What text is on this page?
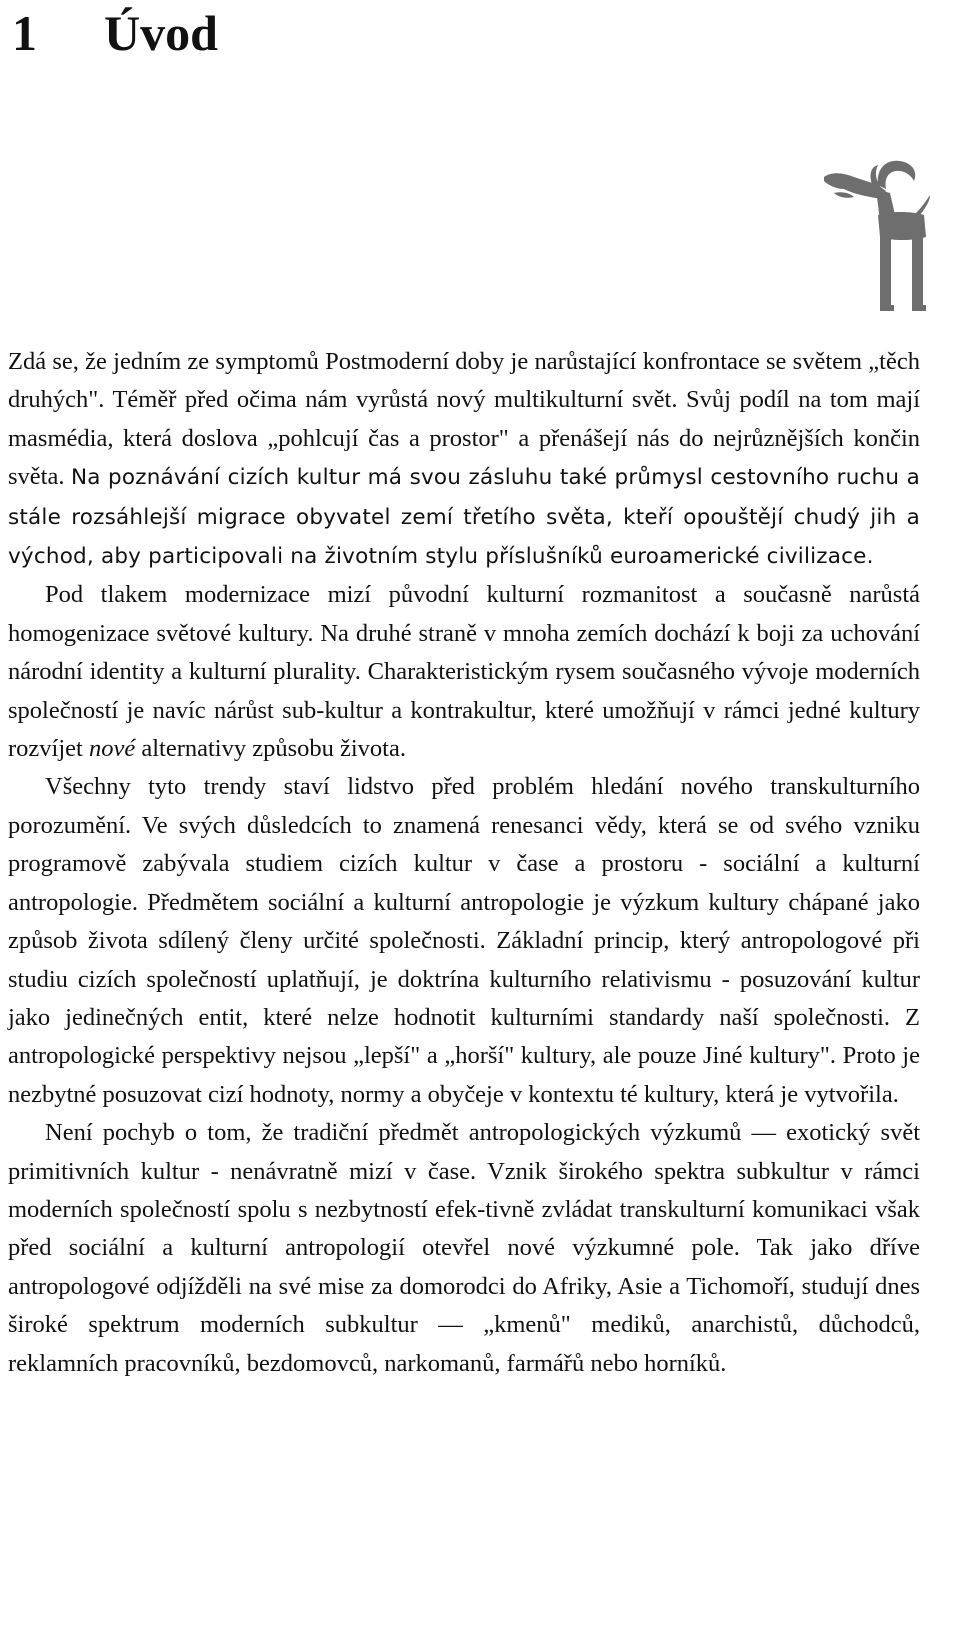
1 Úvod

Zdá se, že jedním ze symptomů Postmoderní doby je narůstající konfrontace se světem „těch druhých". Téměř před očima nám vyrůstá nový multikulturní svět. Svůj podíl na tom mají masmédia, která doslova „pohlcují čas a prostor" a přenášejí nás do nejrůznějších končin světa. Na poznávání cizích kultur má svou zásluhu také průmysl cestovního ruchu a stále rozsáhlejší migrace obyvatel zemí třetího světa, kteří opouštějí chudý jih a východ, aby participovali na životním stylu příslušníků euroamerické civilizace.

Pod tlakem modernizace mizí původní kulturní rozmanitost a současně narůstá homogenizace světové kultury. Na druhé straně v mnoha zemích dochází k boji za uchování národní identity a kulturní plurality. Charakteristickým rysem současného vývoje moderních společností je navíc nárůst sub-kultur a kontrakultur, které umožňují v rámci jedné kultury rozvíjet nové alternativy způsobu života.

Všechny tyto trendy staví lidstvo před problém hledání nového transkulturního porozumění. Ve svých důsledcích to znamená renesanci vědy, která se od svého vzniku programově zabývala studiem cizích kultur v čase a prostoru - sociální a kulturní antropologie. Předmětem sociální a kulturní antropologie je výzkum kultury chápané jako způsob života sdílený členy určité společnosti. Základní princip, který antropologové při studiu cizích společností uplatňují, je doktrína kulturního relativismu - posuzování kultur jako jedinečných entit, které nelze hodnotit kulturními standardy naší společnosti. Z antropologické perspektivy nejsou „lepší" a „horší" kultury, ale pouze Jiné kultury". Proto je nezbytné posuzovat cizí hodnoty, normy a obyčeje v kontextu té kultury, která je vytvořila.

Není pochyb o tom, že tradiční předmět antropologických výzkumů — exotický svět primitivních kultur - nenávratně mizí v čase. Vznik širokého spektra subkultur v rámci moderních společností spolu s nezbytností efek-tivně zvládat transkulturní komunikaci však před sociální a kulturní antropologií otevřel nové výzkumné pole. Tak jako dříve antropologové odjížděli na své mise za domorodci do Afriky, Asie a Tichomoří, studují dnes široké spektrum moderních subkultur — „kmenů" mediků, anarchistů, důchodců, reklamních pracovníků, bezdomovců, narkomanů, farmářů nebo horníků.
